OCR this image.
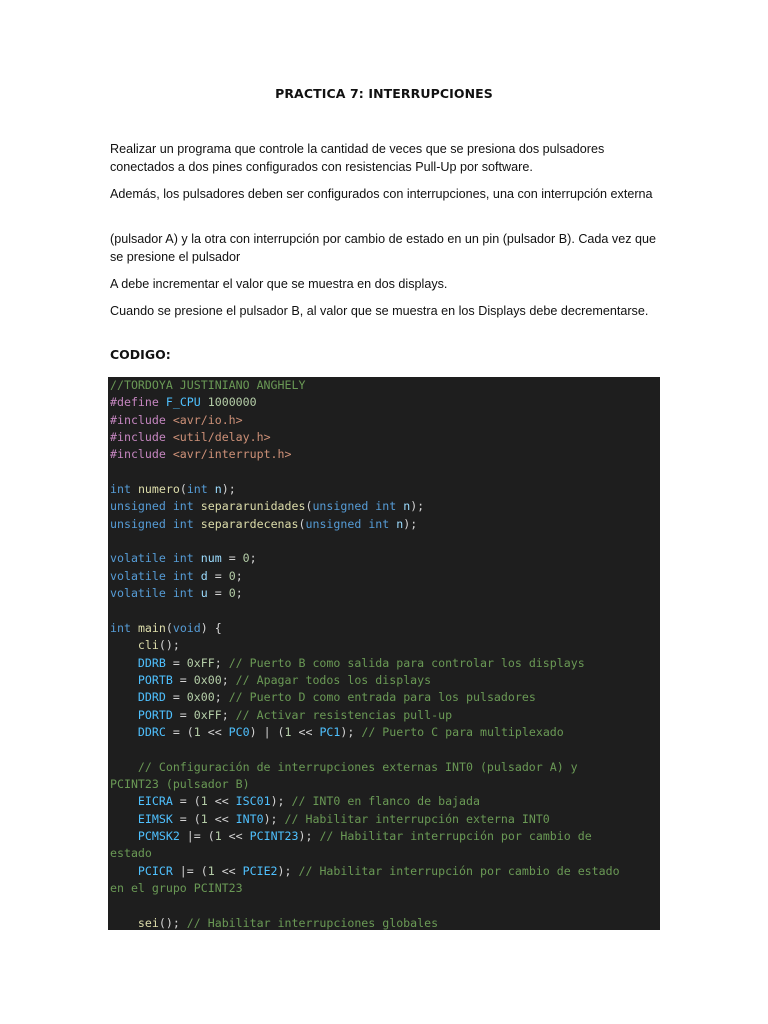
PRACTICA 7: INTERRUPCIONES

Realizar un programa que controle la cantidad de veces que se presiona dos pulsadores conectados a dos pines configurados con resistencias Pull-Up por software.

Además, los pulsadores deben ser configurados con interrupciones, una con interrupción externa

(pulsador A) y la otra con interrupción por cambio de estado en un pin (pulsador B). Cada vez que se presione el pulsador

A debe incrementar el valor que se muestra en dos displays.

Cuando se presione el pulsador B, al valor que se muestra en los Displays debe decrementarse.

CODIGO:
//TORDOYA JUSTINIANO ANGHELY
#define F_CPU 1000000
#include <avr/io.h>
#include <util/delay.h>
#include <avr/interrupt.h>
int numero(int n);
unsigned int separarunidades(unsigned int n);
unsigned int separardecenas(unsigned int n);
volatile int num = 0;
volatile int d = 0;
volatile int u = 0;
int main(void) {
cli();
DDRB = 0xFF; // Puerto B como salida para controlar los displays
PORTB = 0x00; // Apagar todos los displays
DDRD = 0x00; // Puerto D como entrada para los pulsadores
PORTD = 0xFF; // Activar resistencias pull-up
DDRC = (1 << PC0) | (1 << PC1); // Puerto C para multiplexado
// Configuración de interrupciones externas INT0 (pulsador A) y
PCINT23 (pulsador B)
EICRA = (1 << ISC01); // INT0 en flanco de bajada
EIMSK = (1 << INT0); // Habilitar interrupción externa INT0
PCMSK2 |= (1 << PCINT23); // Habilitar interrupción por cambio de
estado
PCICR |= (1 << PCIE2); // Habilitar interrupción por cambio de estado
en el grupo PCINT23
sei(); // Habilitar interrupciones globales
